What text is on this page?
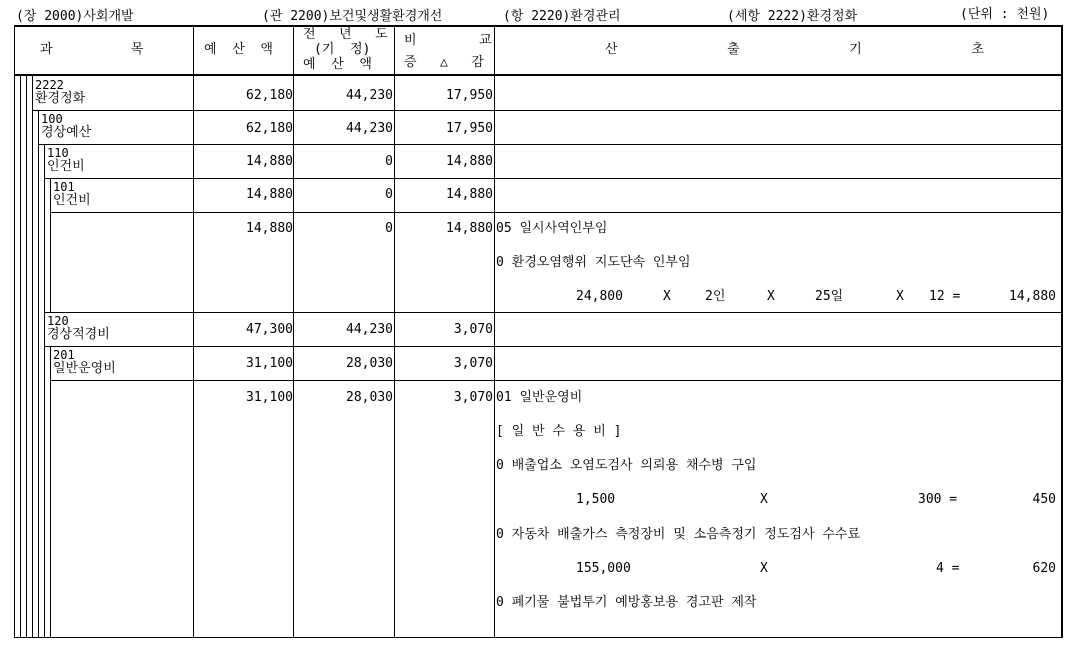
(장 2000)사회개발	(관 2200)보건및생활환경개선	(항 2220)환경관리	(세항 2222)환경정화	(단위 : 천원)
과          목	예  산  액
전   년   도
(기  정)
예  산  액
비        교
증   △   감
산              출              기              초
2222
환경정화	62,180	44,230	17,950
100
경상예산	62,180	44,230	17,950
110
인건비	14,880	0	14,880
101
인건비	14,880	0	14,880
14,880	0	14,880 05 일시사역인부임
0 환경오염행위 지도단속 인부임
24,800	X	2인	X	25일	X 12 =	14,880
120
경상적경비	47,300	44,230	3,070
201
일반운영비	31,100	28,030	3,070
31,100	28,030	3,070 01 일반운영비
[ 일 반 수 용 비 ]
0 배출업소 오염도검사 의뢰용 채수병 구입
1,500	X	300 =	450
0 자동차 배출가스 측정장비 및 소음측정기 정도검사 수수료
155,000	X	4 =	620
0 폐기물 불법투기 예방홍보용 경고판 제작
